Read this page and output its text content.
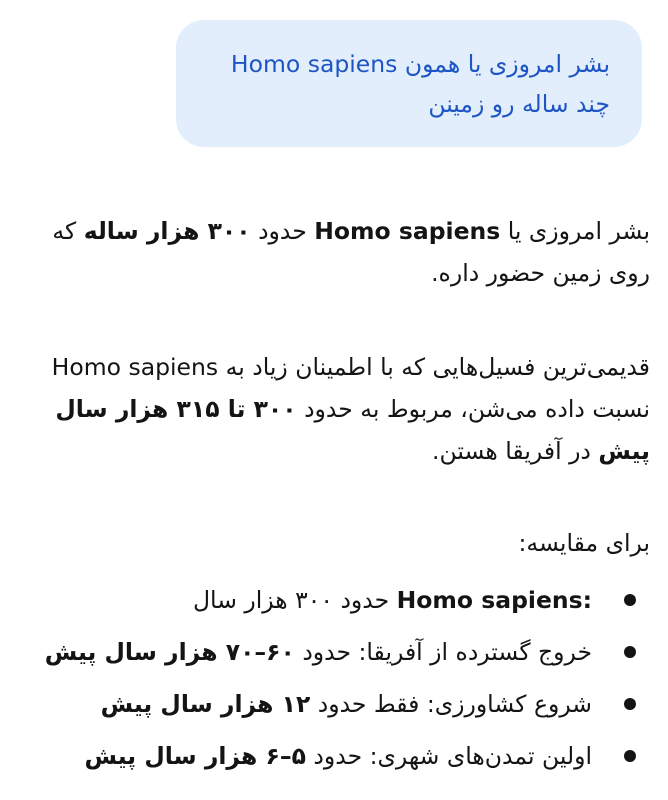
بشر امروزی یا همون Homo sapiens
چند ساله رو زمینن

بشر امروزی یا Homo sapiens حدود ۳۰۰ هزار ساله که روی زمین حضور داره.

قدیمی‌ترین فسیل‌هایی که با اطمینان زیاد به Homo sapiens نسبت داده می‌شن، مربوط به حدود ۳۰۰ تا ۳۱۵ هزار سال پیش در آفریقا هستن.

برای مقایسه:

Homo sapiens: حدود ۳۰۰ هزار سال
خروج گسترده از آفریقا: حدود ۶۰–۷۰ هزار سال پیش
شروع کشاورزی: فقط حدود ۱۲ هزار سال پیش
اولین تمدن‌های شهری: حدود ۵–۶ هزار سال پیش
